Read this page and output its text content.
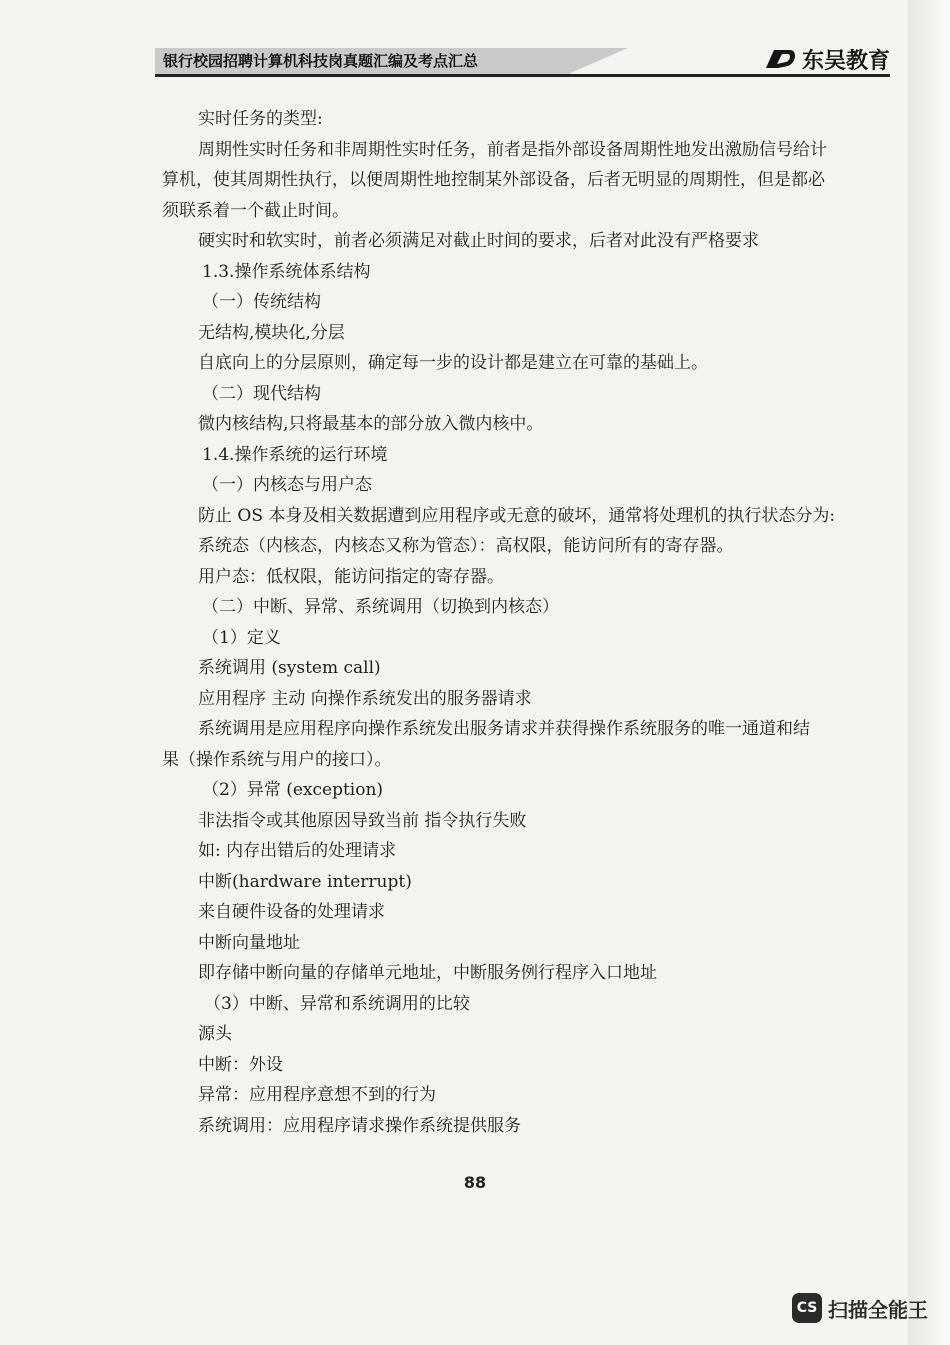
银行校园招聘计算机科技岗真题汇编及考点汇总	东吴教育

实时任务的类型:

周期性实时任务和非周期性实时任务，前者是指外部设备周期性地发出激励信号给计

算机，使其周期性执行，以便周期性地控制某外部设备，后者无明显的周期性，但是都必

须联系着一个截止时间。

硬实时和软实时，前者必须满足对截止时间的要求，后者对此没有严格要求

1.3.操作系统体系结构

（一）传统结构

无结构,模块化,分层

自底向上的分层原则，确定每一步的设计都是建立在可靠的基础上。

（二）现代结构

微内核结构,只将最基本的部分放入微内核中。

1.4.操作系统的运行环境

（一）内核态与用户态

防止 OS 本身及相关数据遭到应用程序或无意的破坏，通常将处理机的执行状态分为:

系统态（内核态，内核态又称为管态）：高权限，能访问所有的寄存器。

用户态：低权限，能访问指定的寄存器。

（二）中断、异常、系统调用（切换到内核态）

（1）定义

系统调用 (system call)

应用程序 主动 向操作系统发出的服务器请求

系统调用是应用程序向操作系统发出服务请求并获得操作系统服务的唯一通道和结

果（操作系统与用户的接口）。

（2）异常 (exception)

非法指令或其他原因导致当前 指令执行失败

如: 内存出错后的处理请求

中断(hardware interrupt)

来自硬件设备的处理请求

中断向量地址

即存储中断向量的存储单元地址，中断服务例行程序入口地址

（3）中断、异常和系统调用的比较

源头

中断：外设

异常：应用程序意想不到的行为

系统调用：应用程序请求操作系统提供服务

88
CS 扫描全能王
